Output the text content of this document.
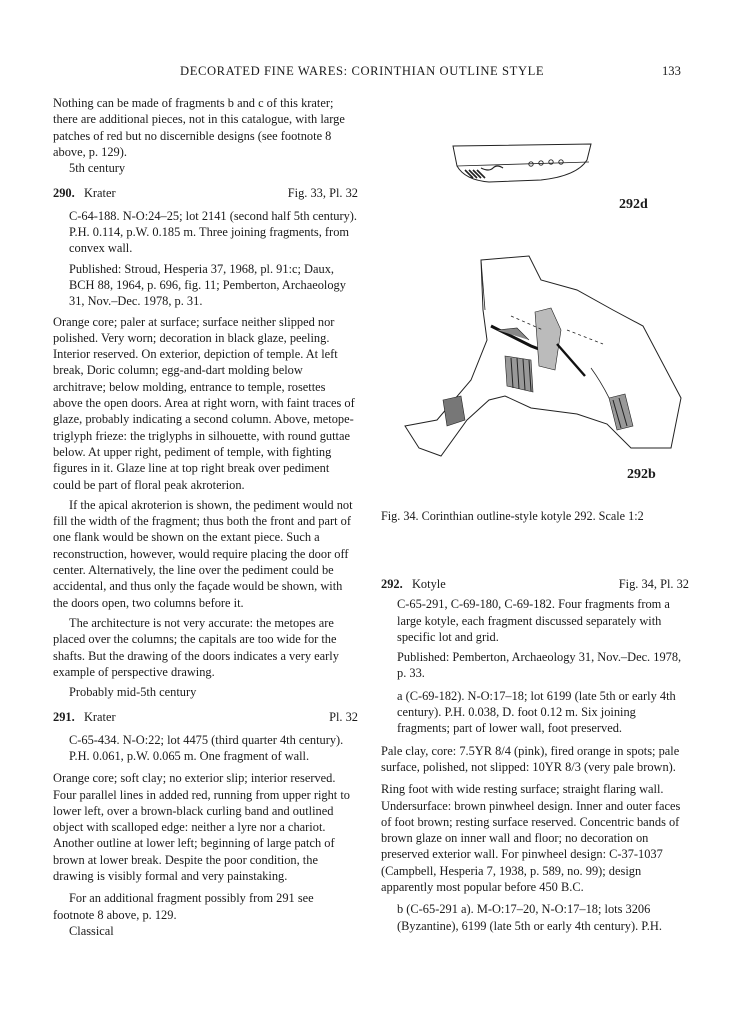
DECORATED FINE WARES: CORINTHIAN OUTLINE STYLE	133

Nothing can be made of fragments b and c of this krater; there are additional pieces, not in this catalogue, with large patches of red but no discernible designs (see footnote 8 above, p. 129).

5th century

290. Krater	Fig. 33, Pl. 32

C-64-188. N-O:24–25; lot 2141 (second half 5th century). P.H. 0.114, p.W. 0.185 m. Three joining fragments, from convex wall.

Published: Stroud, Hesperia 37, 1968, pl. 91:c; Daux, BCH 88, 1964, p. 696, fig. 11; Pemberton, Archaeology 31, Nov.–Dec. 1978, p. 31.

Orange core; paler at surface; surface neither slipped nor polished. Very worn; decoration in black glaze, peeling. Interior reserved. On exterior, depiction of temple. At left break, Doric column; egg-and-dart molding below architrave; below molding, entrance to temple, rosettes above the open doors. Area at right worn, with faint traces of glaze, probably indicating a second column. Above, metope-triglyph frieze: the triglyphs in silhouette, with round guttae below. At upper right, pediment of temple, with fighting figures in it. Glaze line at top right break over pediment could be part of floral peak akroterion.

If the apical akroterion is shown, the pediment would not fill the width of the fragment; thus both the front and part of one flank would be shown on the extant piece. Such a reconstruction, however, would require placing the door off center. Alternatively, the line over the pediment could be accidental, and thus only the façade would be shown, with the doors open, two columns before it.

The architecture is not very accurate: the metopes are placed over the columns; the capitals are too wide for the shafts. But the drawing of the doors indicates a very early example of perspective drawing.

Probably mid-5th century

291. Krater	Pl. 32

C-65-434. N-O:22; lot 4475 (third quarter 4th century). P.H. 0.061, p.W. 0.065 m. One fragment of wall.

Orange core; soft clay; no exterior slip; interior reserved. Four parallel lines in added red, running from upper right to lower left, over a brown-black curling band and outlined object with scalloped edge: neither a lyre nor a chariot. Another outline at lower left; beginning of large patch of brown at lower break. Despite the poor condition, the drawing is visibly formal and very painstaking.

For an additional fragment possibly from 291 see footnote 8 above, p. 129.

Classical

292d
292b
Fig. 34. Corinthian outline-style kotyle 292. Scale 1:2
292. Kotyle	Fig. 34, Pl. 32

C-65-291, C-69-180, C-69-182. Four fragments from a large kotyle, each fragment discussed separately with specific lot and grid.

Published: Pemberton, Archaeology 31, Nov.–Dec. 1978, p. 33.

a (C-69-182). N-O:17–18; lot 6199 (late 5th or early 4th century). P.H. 0.038, D. foot 0.12 m. Six joining fragments; part of lower wall, foot preserved.

Pale clay, core: 7.5YR 8/4 (pink), fired orange in spots; pale surface, polished, not slipped: 10YR 8/3 (very pale brown).

Ring foot with wide resting surface; straight flaring wall. Undersurface: brown pinwheel design. Inner and outer faces of foot brown; resting surface reserved. Concentric bands of brown glaze on inner wall and floor; no decoration on preserved exterior wall. For pinwheel design: C-37-1037 (Campbell, Hesperia 7, 1938, p. 589, no. 99); design apparently most popular before 450 B.C.

b (C-65-291 a). M-O:17–20, N-O:17–18; lots 3206 (Byzantine), 6199 (late 5th or early 4th century). P.H.
